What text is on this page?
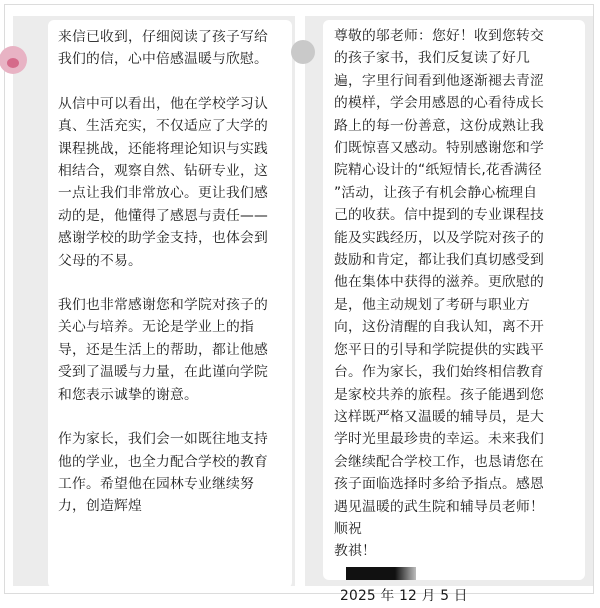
来信已收到，仔细阅读了孩子写给
我们的信，心中倍感温暖与欣慰。
从信中可以看出，他在学校学习认
真、生活充实，不仅适应了大学的
课程挑战，还能将理论知识与实践
相结合，观察自然、钻研专业，这
一点让我们非常放心。更让我们感
动的是，他懂得了感恩与责任——
感谢学校的助学金支持，也体会到
父母的不易。
我们也非常感谢您和学院对孩子的
关心与培养。无论是学业上的指
导，还是生活上的帮助，都让他感
受到了温暖与力量，在此谨向学院
和您表示诚挚的谢意。
作为家长，我们会一如既往地支持
他的学业，也全力配合学校的教育
工作。希望他在园林专业继续努
力，创造辉煌
尊敬的邬老师：您好！收到您转交
的孩子家书，我们反复读了好几
遍，字里行间看到他逐渐褪去青涩
的模样，学会用感恩的心看待成长
路上的每一份善意，这份成熟让我
们既惊喜又感动。特别感谢您和学
院精心设计的“纸短情长,花香满径
”活动，让孩子有机会静心梳理自
己的收获。信中提到的专业课程技
能及实践经历，以及学院对孩子的
鼓励和肯定，都让我们真切感受到
他在集体中获得的滋养。更欣慰的
是，他主动规划了考研与职业方
向，这份清醒的自我认知，离不开
您平日的引导和学院提供的实践平
台。作为家长，我们始终相信教育
是家校共养的旅程。孩子能遇到您
这样既严格又温暖的辅导员，是大
学时光里最珍贵的幸运。未来我们
会继续配合学校工作，也恳请您在
孩子面临选择时多给予指点。感恩
遇见温暖的武生院和辅导员老师！
顺祝
教祺！
2025 年 12 月 5 日
